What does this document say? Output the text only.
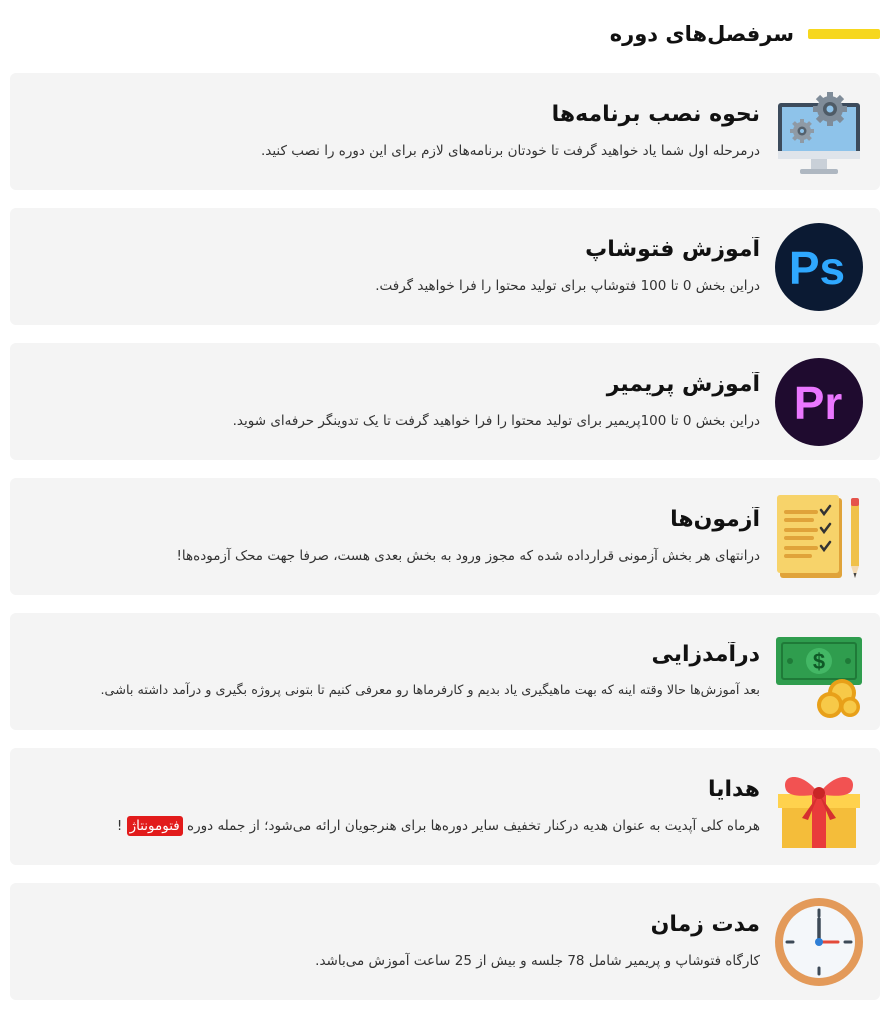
سرفصل‌های دوره
نحوه نصب برنامه‌ها
درمرحله اول شما یاد خواهید گرفت تا خودتان برنامه‌های لازم برای این دوره را نصب کنید.
Ps
آموزش فتوشاپ
دراین بخش 0 تا 100 فتوشاپ برای تولید محتوا را فرا خواهید گرفت.
Pr
آموزش پریمیر
دراین بخش 0 تا 100پریمیر برای تولید محتوا را فرا خواهید گرفت تا یک تدوینگر حرفه‌ای شوید.
آزمون‌ها
درانتهای هر بخش آزمونی قرارداده شده که مجوز ورود به بخش بعدی هست، صرفا جهت محک آزموده‌ها!
$
درآمدزایی
بعد آموزش‌ها حالا وقته اینه که بهت ماهیگیری یاد بدیم و کارفرماها رو معرفی کنیم تا بتونی پروژه بگیری و درآمد داشته باشی.
هدایا
هرماه کلی آپدیت به عنوان هدیه درکنار تخفیف سایر دوره‌ها برای هنرجویان ارائه می‌شود؛ از جمله دوره فتومونتاژ !
مدت زمان
کارگاه فتوشاپ و پریمیر شامل 78 جلسه و بیش از 25 ساعت آموزش می‌باشد.
